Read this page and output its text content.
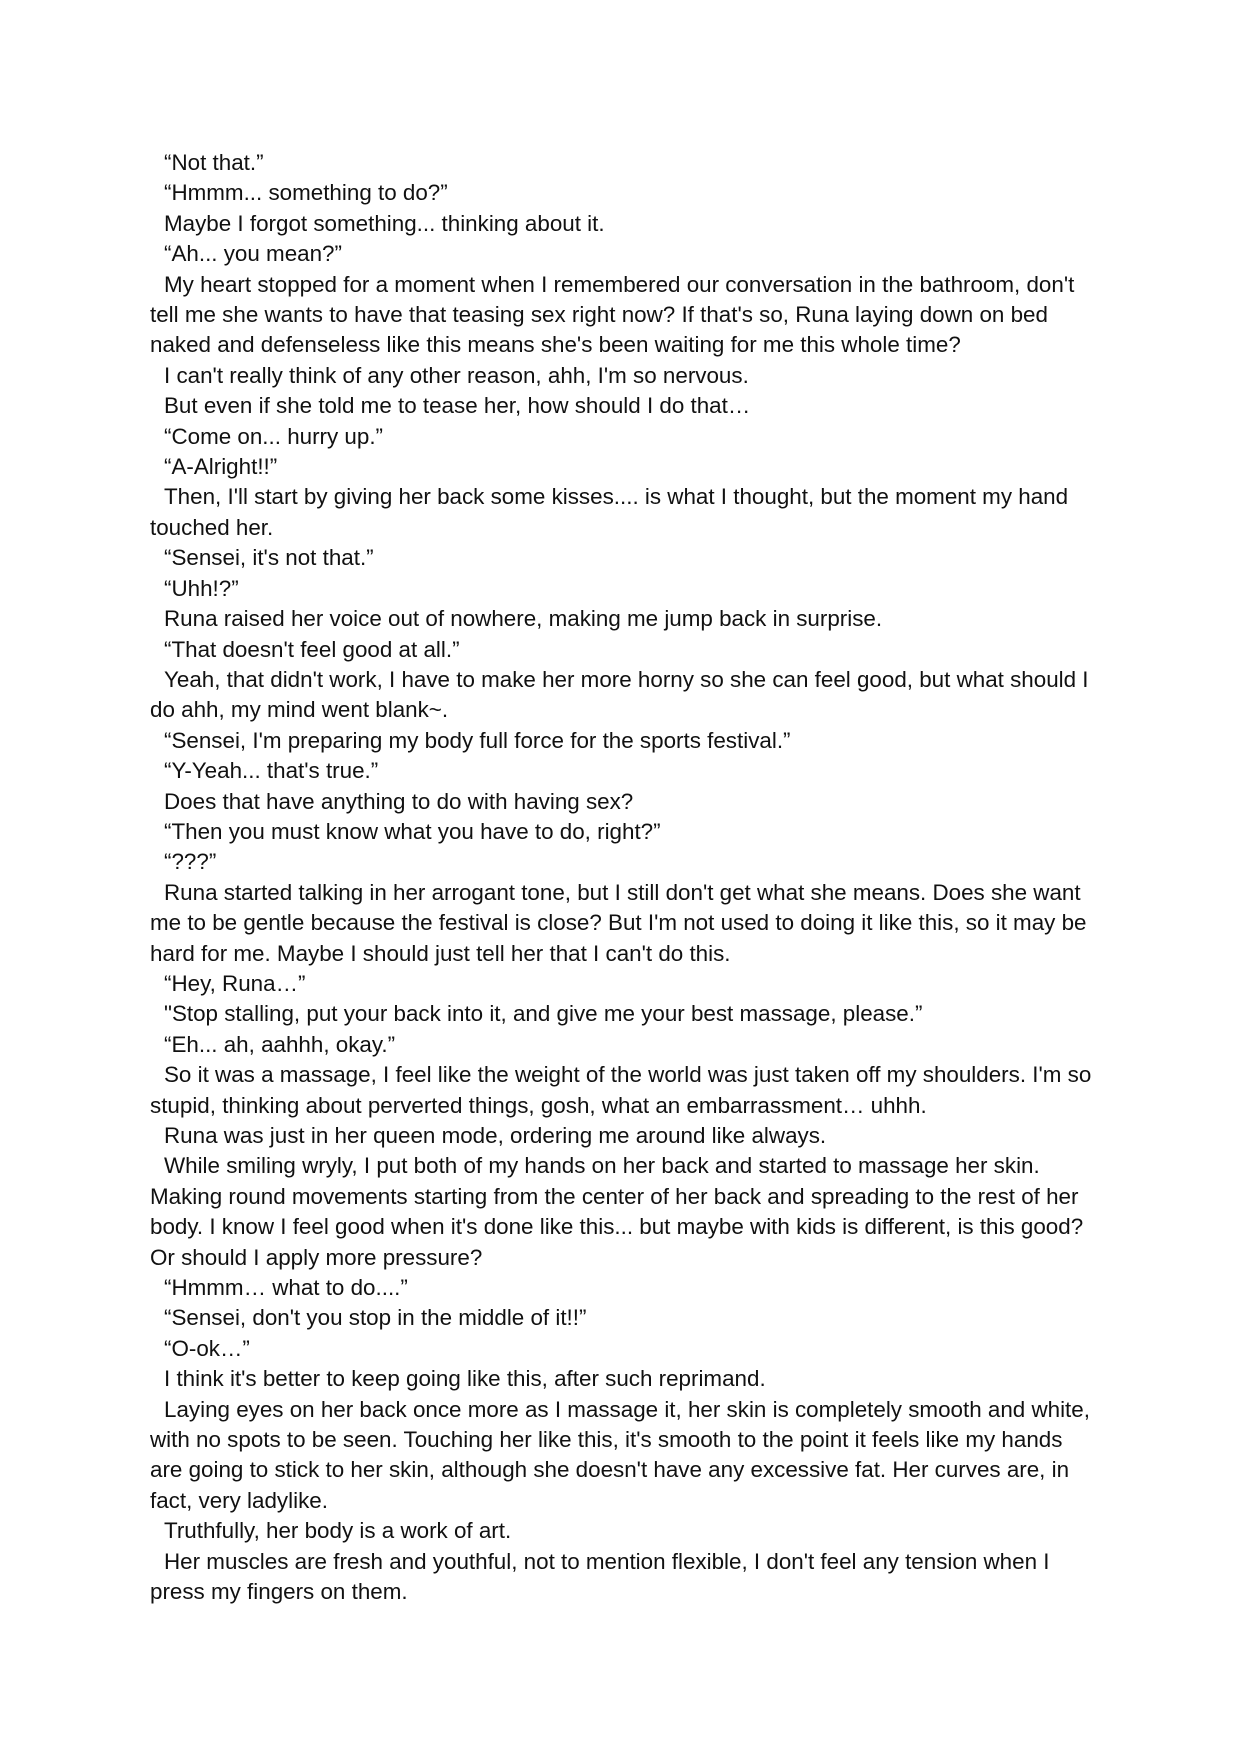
“Not that.”

“Hmmm... something to do?”

Maybe I forgot something... thinking about it.

“Ah... you mean?”

My heart stopped for a moment when I remembered our conversation in the bathroom, don't tell me she wants to have that teasing sex right now? If that's so, Runa laying down on bed naked and defenseless like this means she's been waiting for me this whole time?

I can't really think of any other reason, ahh, I'm so nervous.

But even if she told me to tease her, how should I do that…

“Come on... hurry up.”

“A-Alright!!”

Then, I'll start by giving her back some kisses.... is what I thought, but the moment my hand touched her.

“Sensei, it's not that.”

“Uhh!?”

Runa raised her voice out of nowhere, making me jump back in surprise.

“That doesn't feel good at all.”

Yeah, that didn't work, I have to make her more horny so she can feel good, but what should I do ahh, my mind went blank~.

“Sensei, I'm preparing my body full force for the sports festival.”

“Y-Yeah... that's true.”

Does that have anything to do with having sex?

“Then you must know what you have to do, right?”

“???”

Runa started talking in her arrogant tone, but I still don't get what she means. Does she want me to be gentle because the festival is close? But I'm not used to doing it like this, so it may be hard for me. Maybe I should just tell her that I can't do this.

“Hey, Runa…”

"Stop stalling, put your back into it, and give me your best massage, please.”

“Eh... ah, aahhh, okay.”

So it was a massage, I feel like the weight of the world was just taken off my shoulders. I'm so stupid, thinking about perverted things, gosh, what an embarrassment… uhhh.

Runa was just in her queen mode, ordering me around like always.

While smiling wryly, I put both of my hands on her back and started to massage her skin. Making round movements starting from the center of her back and spreading to the rest of her body. I know I feel good when it's done like this... but maybe with kids is different, is this good? Or should I apply more pressure?

“Hmmm… what to do....”

“Sensei, don't you stop in the middle of it!!”

“O-ok…”

I think it's better to keep going like this, after such reprimand.

Laying eyes on her back once more as I massage it, her skin is completely smooth and white, with no spots to be seen. Touching her like this, it's smooth to the point it feels like my hands are going to stick to her skin, although she doesn't have any excessive fat. Her curves are, in fact, very ladylike.

Truthfully, her body is a work of art.

Her muscles are fresh and youthful, not to mention flexible, I don't feel any tension when I press my fingers on them.
